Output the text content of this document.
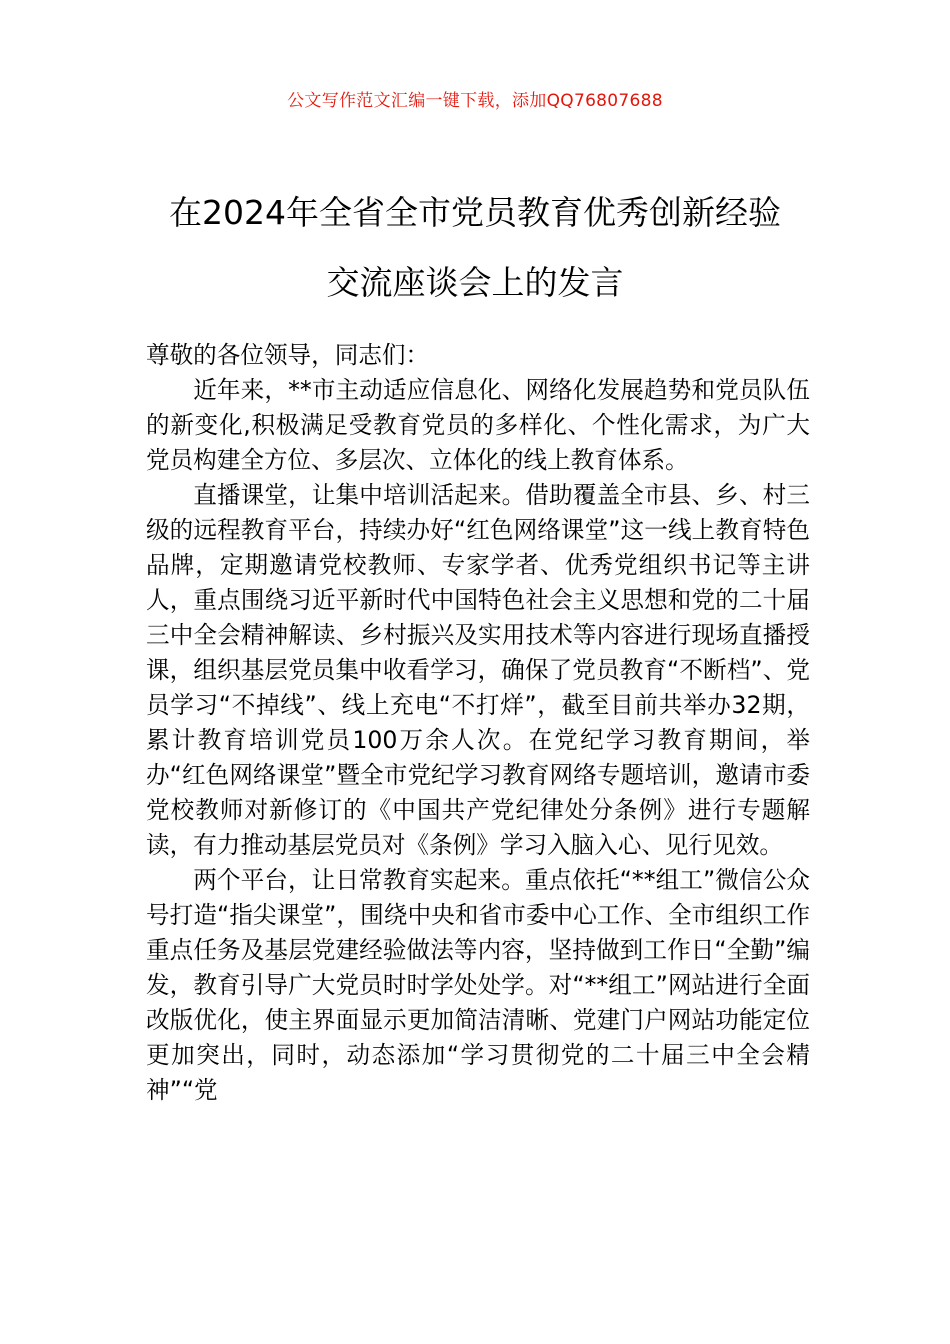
公文写作范文汇编一键下载，添加QQ76807688
在2024年全省全市党员教育优秀创新经验
交流座谈会上的发言

尊敬的各位领导，同志们：

近年来，**市主动适应信息化、网络化发展趋势和党员队伍的新变化,积极满足受教育党员的多样化、个性化需求，为广大党员构建全方位、多层次、立体化的线上教育体系。

直播课堂，让集中培训活起来。借助覆盖全市县、乡、村三级的远程教育平台，持续办好“红色网络课堂”这一线上教育特色品牌，定期邀请党校教师、专家学者、优秀党组织书记等主讲人，重点围绕习近平新时代中国特色社会主义思想和党的二十届三中全会精神解读、乡村振兴及实用技术等内容进行现场直播授课，组织基层党员集中收看学习，确保了党员教育“不断档”、党员学习“不掉线”、线上充电“不打烊”，截至目前共举办32期，累计教育培训党员100万余人次。在党纪学习教育期间，举办“红色网络课堂”暨全市党纪学习教育网络专题培训，邀请市委党校教师对新修订的《中国共产党纪律处分条例》进行专题解读，有力推动基层党员对《条例》学习入脑入心、见行见效。

两个平台，让日常教育实起来。重点依托“**组工”微信公众号打造“指尖课堂”，围绕中央和省市委中心工作、全市组织工作重点任务及基层党建经验做法等内容，坚持做到工作日“全勤”编发，教育引导广大党员时时学处处学。对“**组工”网站进行全面改版优化，使主界面显示更加简洁清晰、党建门户网站功能定位更加突出，同时，动态添加“学习贯彻党的二十届三中全会精神”“党
